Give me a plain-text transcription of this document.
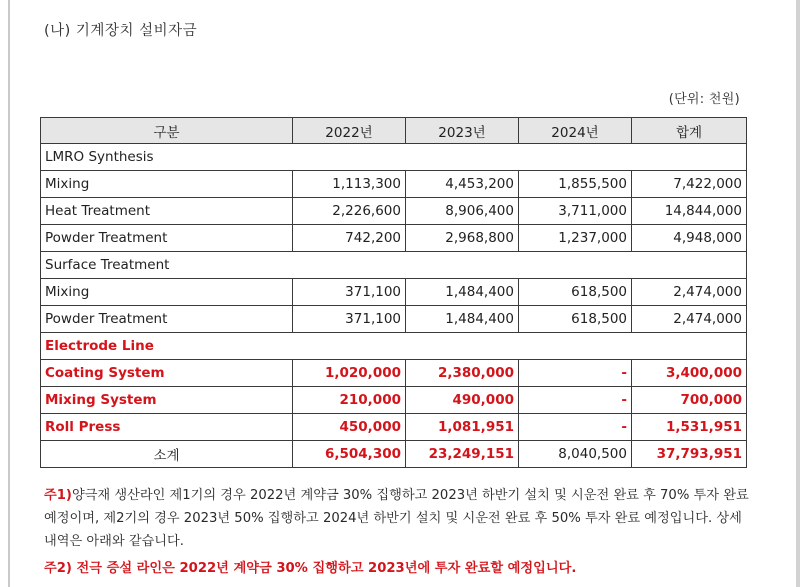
(나) 기계장치 설비자금
(단위: 천원)
구분	2022년	2023년	2024년	합계
LMRO Synthesis				
Mixing	1,113,300	4,453,200	1,855,500	7,422,000
Heat Treatment	2,226,600	8,906,400	3,711,000	14,844,000
Powder Treatment	742,200	2,968,800	1,237,000	4,948,000
Surface Treatment				
Mixing	371,100	1,484,400	618,500	2,474,000
Powder Treatment	371,100	1,484,400	618,500	2,474,000
Electrode Line				
Coating System	1,020,000	2,380,000	-	3,400,000
Mixing System	210,000	490,000	-	700,000
Roll Press	450,000	1,081,951	-	1,531,951
소계	6,504,300	23,249,151	8,040,500	37,793,951
주1)양극재 생산라인 제1기의 경우 2022년 계약금 30% 집행하고 2023년 하반기 설치 및 시운전 완료 후 70% 투자 완료 예정이며, 제2기의 경우 2023년 50% 집행하고 2024년 하반기 설치 및 시운전 완료 후 50% 투자 완료 예정입니다. 상세 내역은 아래와 같습니다.
주2) 전극 증설 라인은 2022년 계약금 30% 집행하고 2023년에 투자 완료할 예정입니다.
